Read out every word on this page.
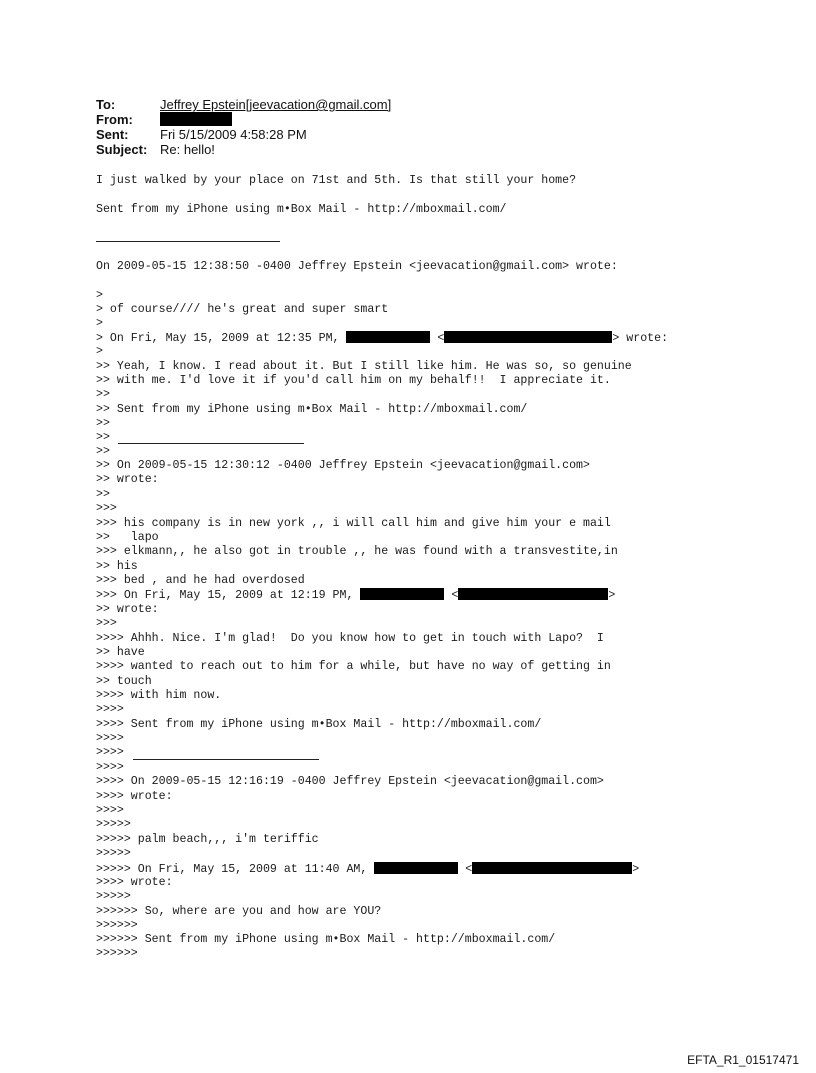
To:	Jeffrey Epstein[jeevacation@gmail.com]
From:
Sent: Fri 5/15/2009 4:58:28 PM
Subject: Re: hello!
I just walked by your place on 71st and 5th. Is that still your home?
Sent from my iPhone using m•Box Mail - http://mboxmail.com/
On 2009-05-15 12:38:50 -0400 Jeffrey Epstein <jeevacation@gmail.com> wrote:
>
> of course//// he's great and super smart
>
> On Fri, May 15, 2009 at 12:35 PM,	<	> wrote:
>
>> Yeah, I know. I read about it. But I still like him. He was so, so genuine
>> with me. I'd love it if you'd call him on my behalf!!  I appreciate it.
>>
>> Sent from my iPhone using m•Box Mail - http://mboxmail.com/
>>
>>
>>
>> On 2009-05-15 12:30:12 -0400 Jeffrey Epstein <jeevacation@gmail.com>
>> wrote:
>>
>>>
>>> his company is in new york ,, i will call him and give him your e mail
>>   lapo
>>> elkmann,, he also got in trouble ,, he was found with a transvestite,in
>> his
>>> bed , and he had overdosed
>>> On Fri, May 15, 2009 at 12:19 PM,	<	>
>> wrote:
>>>
>>>> Ahhh. Nice. I'm glad!  Do you know how to get in touch with Lapo?  I
>> have
>>>> wanted to reach out to him for a while, but have no way of getting in
>> touch
>>>> with him now.
>>>>
>>>> Sent from my iPhone using m•Box Mail - http://mboxmail.com/
>>>>
>>>>
>>>>
>>>> On 2009-05-15 12:16:19 -0400 Jeffrey Epstein <jeevacation@gmail.com>
>>>> wrote:
>>>>
>>>>>
>>>>> palm beach,,, i'm teriffic
>>>>>
>>>>> On Fri, May 15, 2009 at 11:40 AM,	<	>
>>>> wrote:
>>>>>
>>>>>> So, where are you and how are YOU?
>>>>>>
>>>>>> Sent from my iPhone using m•Box Mail - http://mboxmail.com/
>>>>>>
EFTA_R1_01517471
